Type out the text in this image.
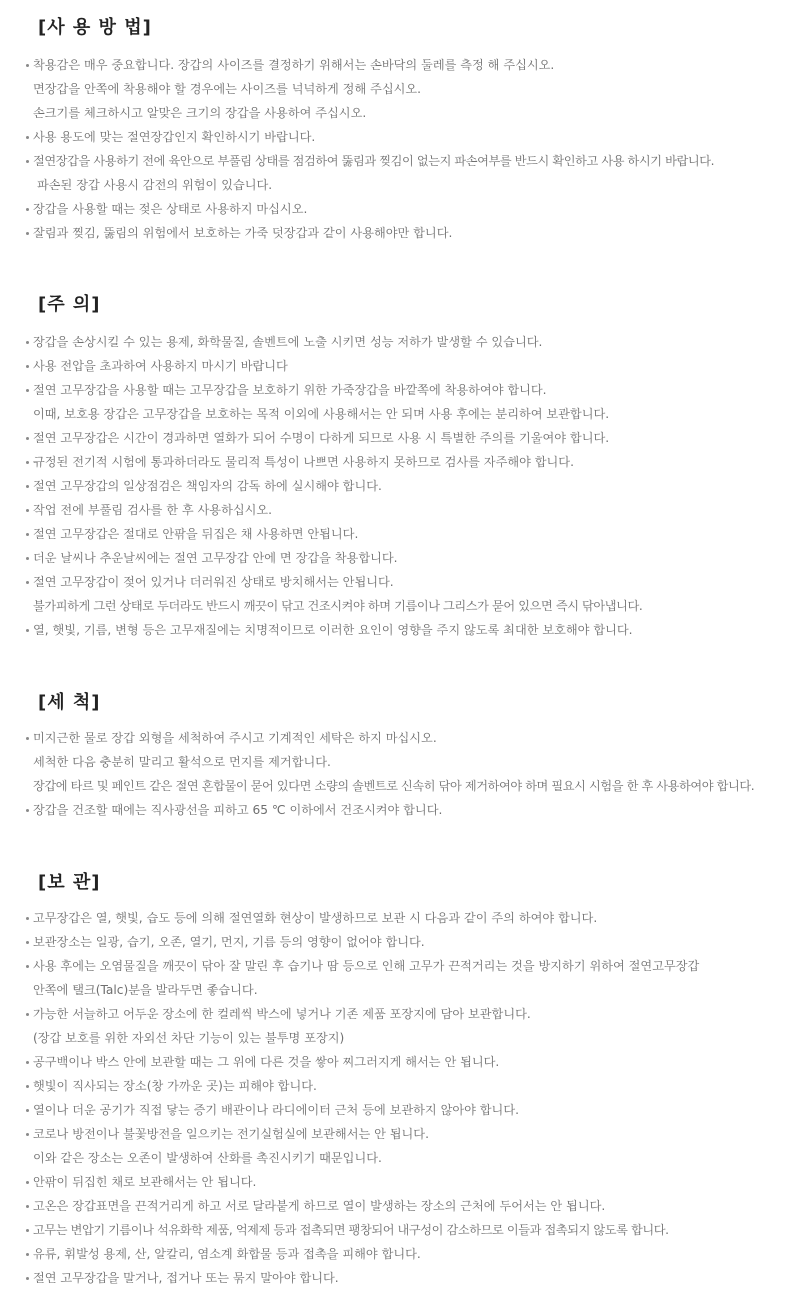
[사 용 방 법]
착용감은 매우 중요합니다. 장갑의 사이즈를 결정하기 위해서는 손바닥의 둘레를 측정 해 주십시오.
면장갑을 안쪽에 착용해야 할 경우에는 사이즈를 넉넉하게 정해 주십시오.
손크기를 체크하시고 알맞은 크기의 장갑을 사용하여 주십시오.
사용 용도에 맞는 절연장갑인지 확인하시기 바랍니다.
절연장갑을 사용하기 전에 육안으로 부풀림 상태를 점검하여 뚫림과 찢김이 없는지 파손여부를 반드시 확인하고 사용 하시기 바랍니다.
파손된 장갑 사용시 감전의 위험이 있습니다.
장갑을 사용할 때는 젖은 상태로 사용하지 마십시오.
잘림과 찢김, 뚫림의 위험에서 보호하는 가죽 덧장갑과 같이 사용해야만 합니다.
[주 의]
장갑을 손상시킬 수 있는 용제, 화학물질, 솔벤트에 노출 시키면 성능 저하가 발생할 수 있습니다.
사용 전압을 초과하여 사용하지 마시기 바랍니다
절연 고무장갑을 사용할 때는 고무장갑을 보호하기 위한 가죽장갑을 바깥쪽에 착용하여야 합니다.
이때, 보호용 장갑은 고무장갑을 보호하는 목적 이외에 사용해서는 안 되며 사용 후에는 분리하여 보관합니다.
절연 고무장갑은 시간이 경과하면 열화가 되어 수명이 다하게 되므로 사용 시 특별한 주의를 기울여야 합니다.
규정된 전기적 시험에 통과하더라도 물리적 특성이 나쁘면 사용하지 못하므로 검사를 자주해야 합니다.
절연 고무장갑의 일상점검은 책임자의 감독 하에 실시해야 합니다.
작업 전에 부풀림 검사를 한 후 사용하십시오.
절연 고무장갑은 절대로 안팎을 뒤집은 채 사용하면 안됩니다.
더운 날씨나 추운날씨에는 절연 고무장갑 안에 면 장갑을 착용합니다.
절연 고무장갑이 젖어 있거나 더러워진 상태로 방치해서는 안됩니다.
불가피하게 그런 상태로 두더라도 반드시 깨끗이 닦고 건조시켜야 하며 기름이나 그리스가 묻어 있으면 즉시 닦아냅니다.
열, 햇빛, 기름, 변형 등은 고무재질에는 치명적이므로 이러한 요인이 영향을 주지 않도록 최대한 보호해야 합니다.
[세 척]
미지근한 물로 장갑 외형을 세척하여 주시고 기계적인 세탁은 하지 마십시오.
세척한 다음 충분히 말리고 활석으로 먼지를 제거합니다.
장갑에 타르 및 페인트 같은 절연 혼합물이 묻어 있다면 소량의 솔벤트로 신속히 닦아 제거하여야 하며 필요시 시험을 한 후 사용하여야 합니다.
장갑을 건조할 때에는 직사광선을 피하고 65 ℃ 이하에서 건조시켜야 합니다.
[보 관]
고무장갑은 열, 햇빛, 습도 등에 의해 절연열화 현상이 발생하므로 보관 시 다음과 같이 주의 하여야 합니다.
보관장소는 일광, 습기, 오존, 열기, 먼지, 기름 등의 영향이 없어야 합니다.
사용 후에는 오염물질을 깨끗이 닦아 잘 말린 후 습기나 땀 등으로 인해 고무가 끈적거리는 것을 방지하기 위하여 절연고무장갑
안쪽에 탤크(Talc)분을 발라두면 좋습니다.
가능한 서늘하고 어두운 장소에 한 컬레씩 박스에 넣거나 기존 제품 포장지에 담아 보관합니다.
(장갑 보호를 위한 자외선 차단 기능이 있는 불투명 포장지)
공구백이나 박스 안에 보관할 때는 그 위에 다른 것을 쌓아 찌그러지게 해서는 안 됩니다.
햇빛이 직사되는 장소(창 가까운 곳)는 피해야 합니다.
열이나 더운 공기가 직접 닿는 증기 배관이나 라디에이터 근처 등에 보관하지 않아야 합니다.
코로나 방전이나 불꽃방전을 일으키는 전기실험실에 보관해서는 안 됩니다.
이와 같은 장소는 오존이 발생하여 산화를 촉진시키기 때문입니다.
안팎이 뒤집힌 채로 보관해서는 안 됩니다.
고온은 장갑표면을 끈적거리게 하고 서로 달라붙게 하므로 열이 발생하는 장소의 근처에 두어서는 안 됩니다.
고무는 변압기 기름이나 석유화학 제품, 억제제 등과 접촉되면 팽창되어 내구성이 감소하므로 이들과 접촉되지 않도록 합니다.
유류, 휘발성 용제, 산, 알칼리, 염소계 화합물 등과 접촉을 피해야 합니다.
절연 고무장갑을 말거나, 접거나 또는 묶지 말아야 합니다.
